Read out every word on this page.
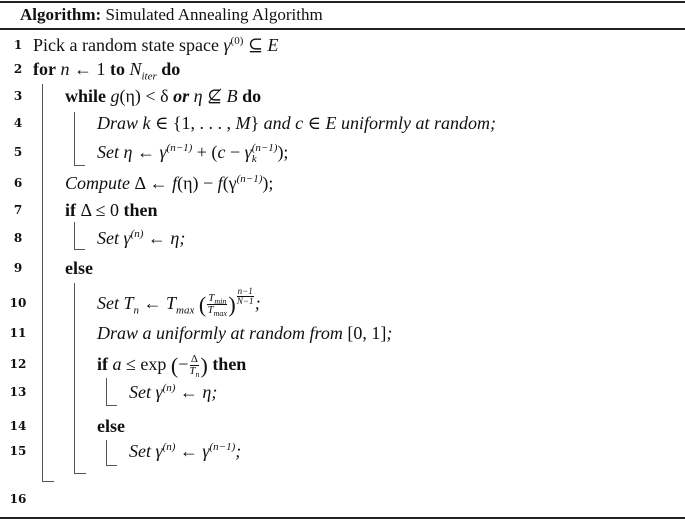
Algorithm: Simulated Annealing Algorithm
1 Pick a random state space $\gamma^{(0)}$ ⊆ E
2 for n ← 1 to $N_{iter}$ do
3	while g(η) < δ or η ⊈ B do
4	Draw k ∈ {1, . . . , M} and c ∈ E uniformly at random;
5	Set η ← $\gamma^{(n-1)} + (c - \gamma$ (n−1)
k	);
6	Compute Δ ← $f(\eta) - f(\gamma^{(n-1)})$;
7	if Δ ≤ 0 then
8	Set $\gamma^{(n)}$ ← η;
9	else
10	Set $T_n$ ← $T_{max}$ ( $\frac{T_{min}}{T_{max}}$ ) $\frac{n-1}{N-1}$ ;
11	Draw a uniformly at random from [0, 1];
12	if a ≤ exp (− $\frac{\Delta}{T_n}$ ) then
13	Set $\gamma^{(n)}$ ← η;
14	else
15	Set $\gamma^{(n)}$ ← $\gamma^{(n-1)}$;
16
